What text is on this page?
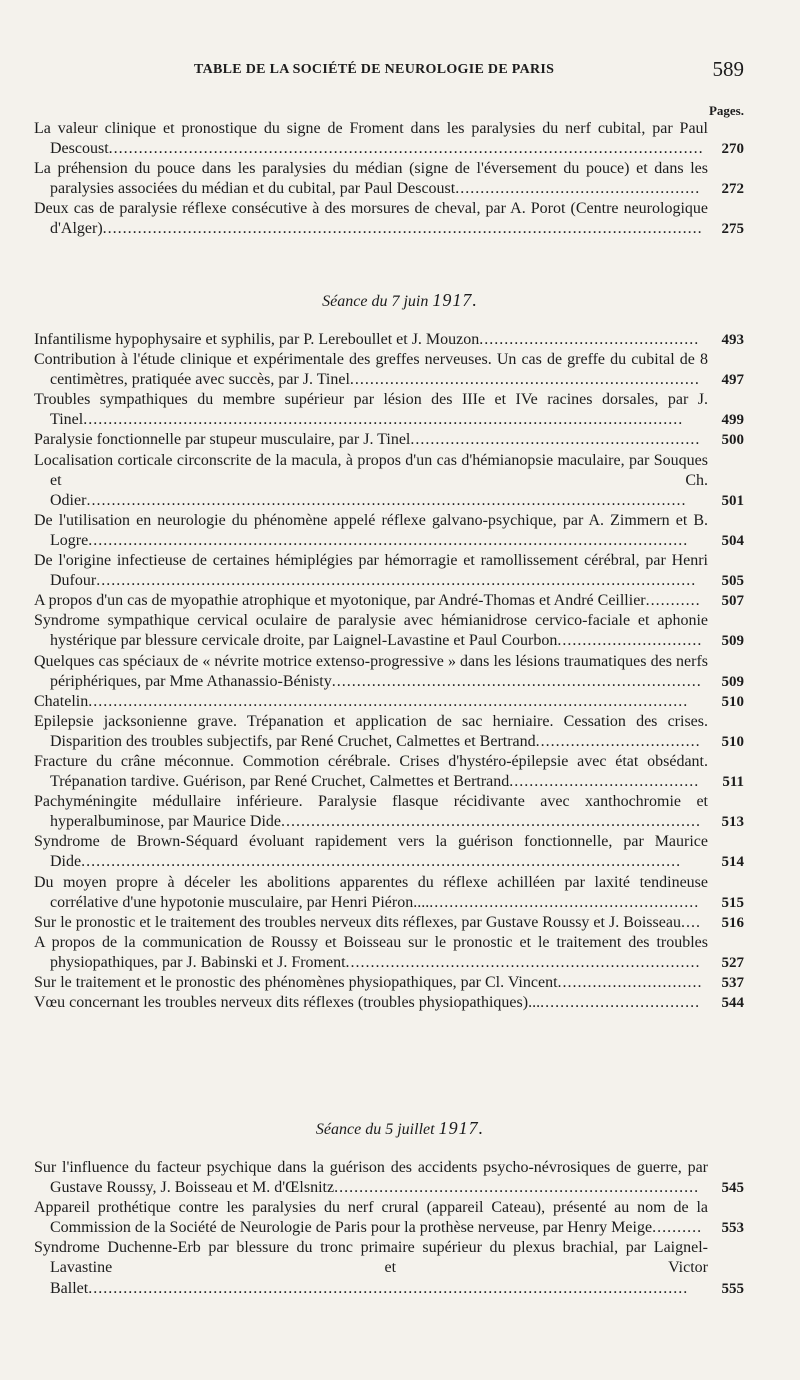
TABLE DE LA SOCIÉTÉ DE NEUROLOGIE DE PARIS	589
Pages.
La valeur clinique et pronostique du signe de Froment dans les paralysies du nerf cubital, par Paul Descoust....................................................................................................................... 270
La préhension du pouce dans les paralysies du médian (signe de l'éversement du pouce) et dans les paralysies associées du médian et du cubital, par Paul Descoust................................................. 272
Deux cas de paralysie réflexe consécutive à des morsures de cheval, par A. Porot (Centre neurologique d'Alger)........................................................................................................................ 275
Séance du 7 juin 1917.
Infantilisme hypophysaire et syphilis, par P. Lereboullet et J. Mouzon............................................ 493
Contribution à l'étude clinique et expérimentale des greffes nerveuses. Un cas de greffe du cubital de 8 centimètres, pratiquée avec succès, par J. Tinel...................................................................... 497
Troubles sympathiques du membre supérieur par lésion des IIIe et IVe racines dorsales, par J. Tinel........................................................................................................................	499
Paralysie fonctionnelle par stupeur musculaire, par J. Tinel.......................................................... 500
Localisation corticale circonscrite de la macula, à propos d'un cas d'hémianopsie maculaire, par Souques et Ch. Odier........................................................................................................................ 501
De l'utilisation en neurologie du phénomène appelé réflexe galvano-psychique, par A. Zimmern et B. Logre........................................................................................................................ 504
De l'origine infectieuse de certaines hémiplégies par hémorragie et ramollissement cérébral, par Henri Dufour........................................................................................................................ 505
A propos d'un cas de myopathie atrophique et myotonique, par André-Thomas et André Ceillier........... 507
Syndrome sympathique cervical oculaire de paralysie avec hémianidrose cervico-faciale et aphonie hystérique par blessure cervicale droite, par Laignel-Lavastine et Paul Courbon............................. 509
Quelques cas spéciaux de « névrite motrice extenso-progressive » dans les lésions traumatiques des nerfs périphériques, par Mme Athanassio-Bénisty.......................................................................... 509
Chatelin........................................................................................................................ 510
Epilepsie jacksonienne grave. Trépanation et application de sac herniaire. Cessation des crises. Disparition des troubles subjectifs, par René Cruchet, Calmettes et Bertrand................................. 510
Fracture du crâne méconnue. Commotion cérébrale. Crises d'hystéro-épilepsie avec état obsédant. Trépanation tardive. Guérison, par René Cruchet, Calmettes et Bertrand...................................... 511
Pachyméningite médullaire inférieure. Paralysie flasque récidivante avec xanthochromie et hyperalbuminose, par Maurice Dide.................................................................................... 513
Syndrome de Brown-Séquard évoluant rapidement vers la guérison fonctionnelle, par Maurice Dide........................................................................................................................	514
Du moyen propre à déceler les abolitions apparentes du réflexe achilléen par laxité tendineuse corrélative d'une hypotonie musculaire, par Henri Piéron.......................................................... 515
Sur le pronostic et le traitement des troubles nerveux dits réflexes, par Gustave Roussy et J. Boisseau.... 516
A propos de la communication de Roussy et Boisseau sur le pronostic et le traitement des troubles physiopathiques, par J. Babinski et J. Froment....................................................................... 527
Sur le traitement et le pronostic des phénomènes physiopathiques, par Cl. Vincent............................. 537
Vœu concernant les troubles nerveux dits réflexes (troubles physiopathiques)................................... 544
Séance du 5 juillet 1917.
Sur l'influence du facteur psychique dans la guérison des accidents psycho-névrosiques de guerre, par Gustave Roussy, J. Boisseau et M. d'Œlsnitz......................................................................... 545
Appareil prothétique contre les paralysies du nerf crural (appareil Cateau), présenté au nom de la Commission de la Société de Neurologie de Paris pour la prothèse nerveuse, par Henry Meige.......... 553
Syndrome Duchenne-Erb par blessure du tronc primaire supérieur du plexus brachial, par Laignel-Lavastine et Victor Ballet........................................................................................................................ 555
